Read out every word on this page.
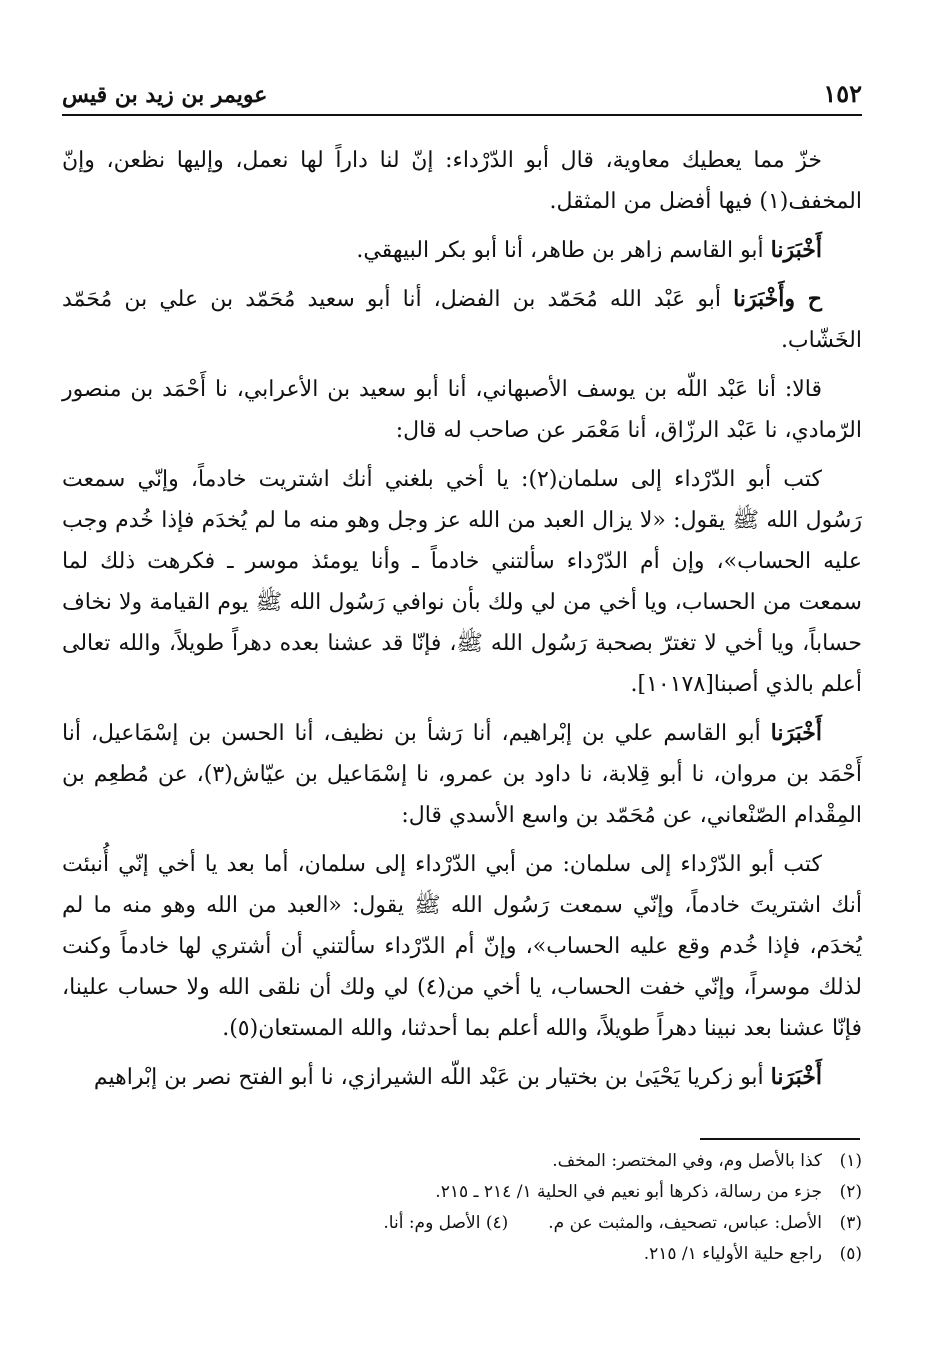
١٥٢
عويمر بن زيد بن قيس

خزّ مما يعطيك معاوية، قال أبو الدّرْداء: إنّ لنا داراً لها نعمل، وإليها نظعن، وإنّ المخفف(١) فيها أفضل من المثقل.

أَخْبَرَنا أبو القاسم زاهر بن طاهر، أنا أبو بكر البيهقي.

ح وأَخْبَرَنا أبو عَبْد الله مُحَمّد بن الفضل، أنا أبو سعيد مُحَمّد بن علي بن مُحَمّد الخَشّاب.

قالا: أنا عَبْد اللّه بن يوسف الأصبهاني، أنا أبو سعيد بن الأعرابي، نا أَحْمَد بن منصور الرّمادي، نا عَبْد الرزّاق، أنا مَعْمَر عن صاحب له قال:

كتب أبو الدّرْداء إلى سلمان(٢): يا أخي بلغني أنك اشتريت خادماً، وإنّي سمعت رَسُول الله ﷺ يقول: «لا يزال العبد من الله عز وجل وهو منه ما لم يُخدَم فإذا خُدم وجب عليه الحساب»، وإن أم الدّرْداء سألتني خادماً ـ وأنا يومئذ موسر ـ فكرهت ذلك لما سمعت من الحساب، ويا أخي من لي ولك بأن نوافي رَسُول الله ﷺ يوم القيامة ولا نخاف حساباً، ويا أخي لا تغترّ بصحبة رَسُول الله ﷺ، فإنّا قد عشنا بعده دهراً طويلاً، والله تعالى أعلم بالذي أصبنا[١٠١٧٨].

أَخْبَرَنا أبو القاسم علي بن إبْراهيم، أنا رَشأ بن نظيف، أنا الحسن بن إسْمَاعيل، أنا أَحْمَد بن مروان، نا أبو قِلابة، نا داود بن عمرو، نا إسْمَاعيل بن عيّاش(٣)، عن مُطعِم بن المِقْدام الصّنْعاني، عن مُحَمّد بن واسع الأسدي قال:

كتب أبو الدّرْداء إلى سلمان: من أبي الدّرْداء إلى سلمان، أما بعد يا أخي إنّي أُنبئت أنك اشتريتَ خادماً، وإنّي سمعت رَسُول الله ﷺ يقول: «العبد من الله وهو منه ما لم يُخدَم، فإذا خُدم وقع عليه الحساب»، وإنّ أم الدّرْداء سألتني أن أشتري لها خادماً وكنت لذلك موسراً، وإنّي خفت الحساب، يا أخي من(٤) لي ولك أن نلقى الله ولا حساب علينا، فإنّا عشنا بعد نبينا دهراً طويلاً، والله أعلم بما أحدثنا، والله المستعان(٥).

أَخْبَرَنا أبو زكريا يَحْيَىٰ بن بختيار بن عَبْد اللّه الشيرازي، نا أبو الفتح نصر بن إبْراهيم

(١)كذا بالأصل وم، وفي المختصر: المخف.

(٢)جزء من رسالة، ذكرها أبو نعيم في الحلية ١/ ٢١٤ ـ ٢١٥.

(٣)الأصل: عباس، تصحيف، والمثبت عن م.(٤) الأصل وم: أنا.

(٥)راجع حلية الأولياء ١/ ٢١٥.
